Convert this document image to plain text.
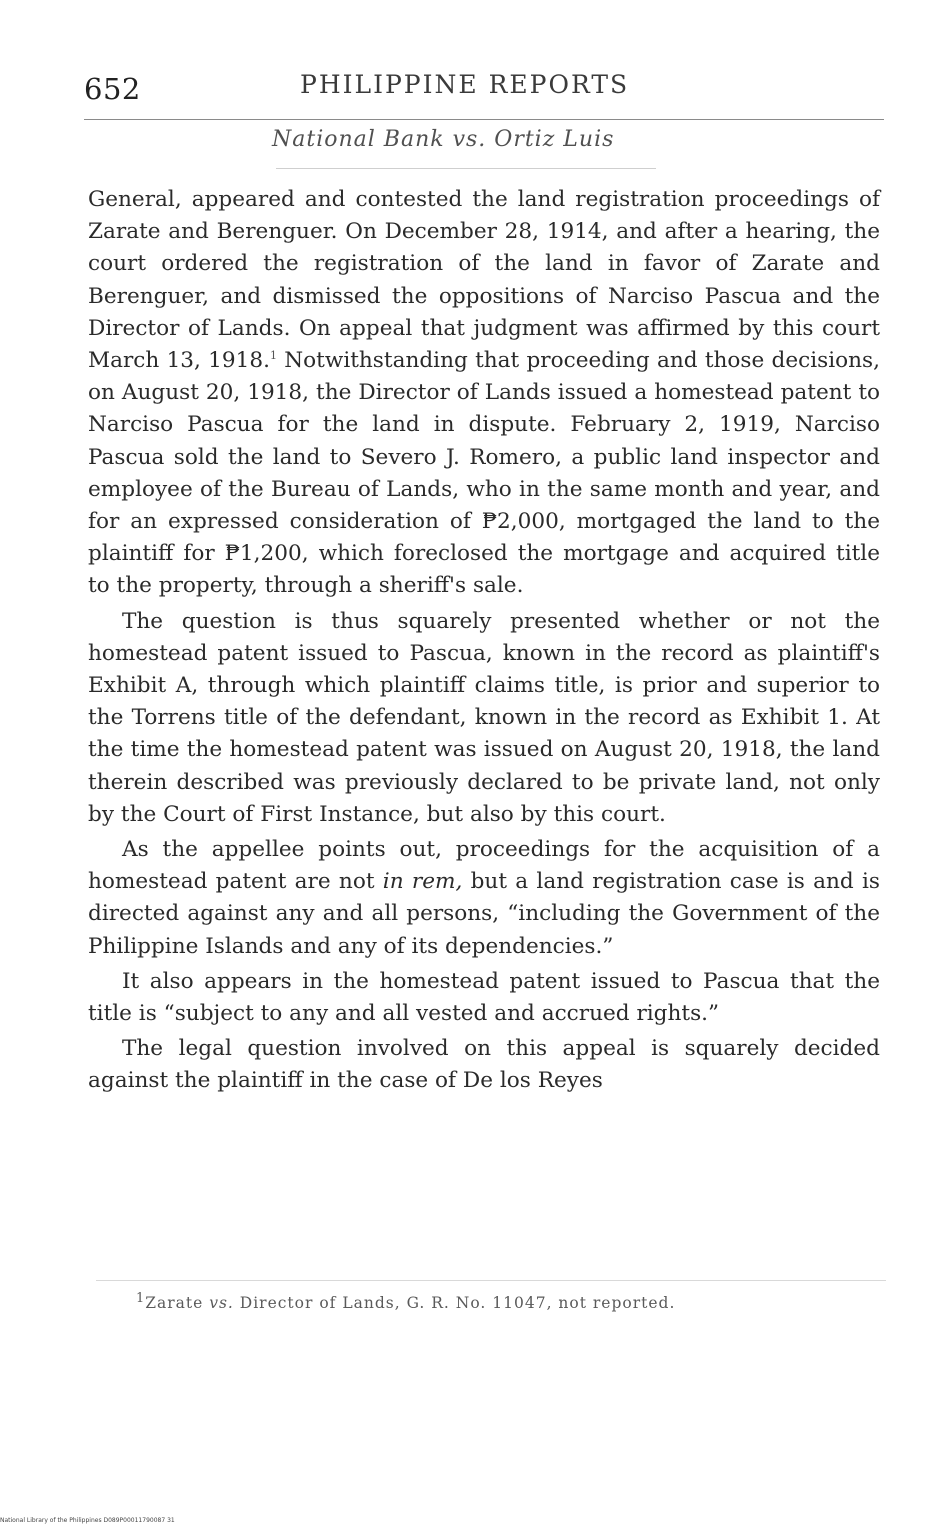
652	PHILIPPINE REPORTS
National Bank vs. Ortiz Luis

General, appeared and contested the land registration proceedings of Zarate and Berenguer. On December 28, 1914, and after a hearing, the court ordered the registration of the land in favor of Zarate and Berenguer, and dismissed the oppositions of Narciso Pascua and the Director of Lands. On appeal that judgment was affirmed by this court March 13, 1918.$^1$ Notwithstanding that proceeding and those decisions, on August 20, 1918, the Director of Lands issued a homestead patent to Narciso Pascua for the land in dispute. February 2, 1919, Narciso Pascua sold the land to Severo J. Romero, a public land inspector and employee of the Bureau of Lands, who in the same month and year, and for an expressed consideration of ₱2,000, mortgaged the land to the plaintiff for ₱1,200, which foreclosed the mortgage and acquired title to the property, through a sheriff's sale.

The question is thus squarely presented whether or not the homestead patent issued to Pascua, known in the record as plaintiff's Exhibit A, through which plaintiff claims title, is prior and superior to the Torrens title of the defendant, known in the record as Exhibit 1. At the time the homestead patent was issued on August 20, 1918, the land therein described was previously declared to be private land, not only by the Court of First Instance, but also by this court.

As the appellee points out, proceedings for the acquisition of a homestead patent are not in rem, but a land registration case is and is directed against any and all persons, “including the Government of the Philippine Islands and any of its dependencies.”

It also appears in the homestead patent issued to Pascua that the title is “subject to any and all vested and accrued rights.”

The legal question involved on this appeal is squarely decided against the plaintiff in the case of De los Reyes

$^1$Zarate vs. Director of Lands, G. R. No. 11047, not reported.
National Library of the Philippines D089P00011790087 31
